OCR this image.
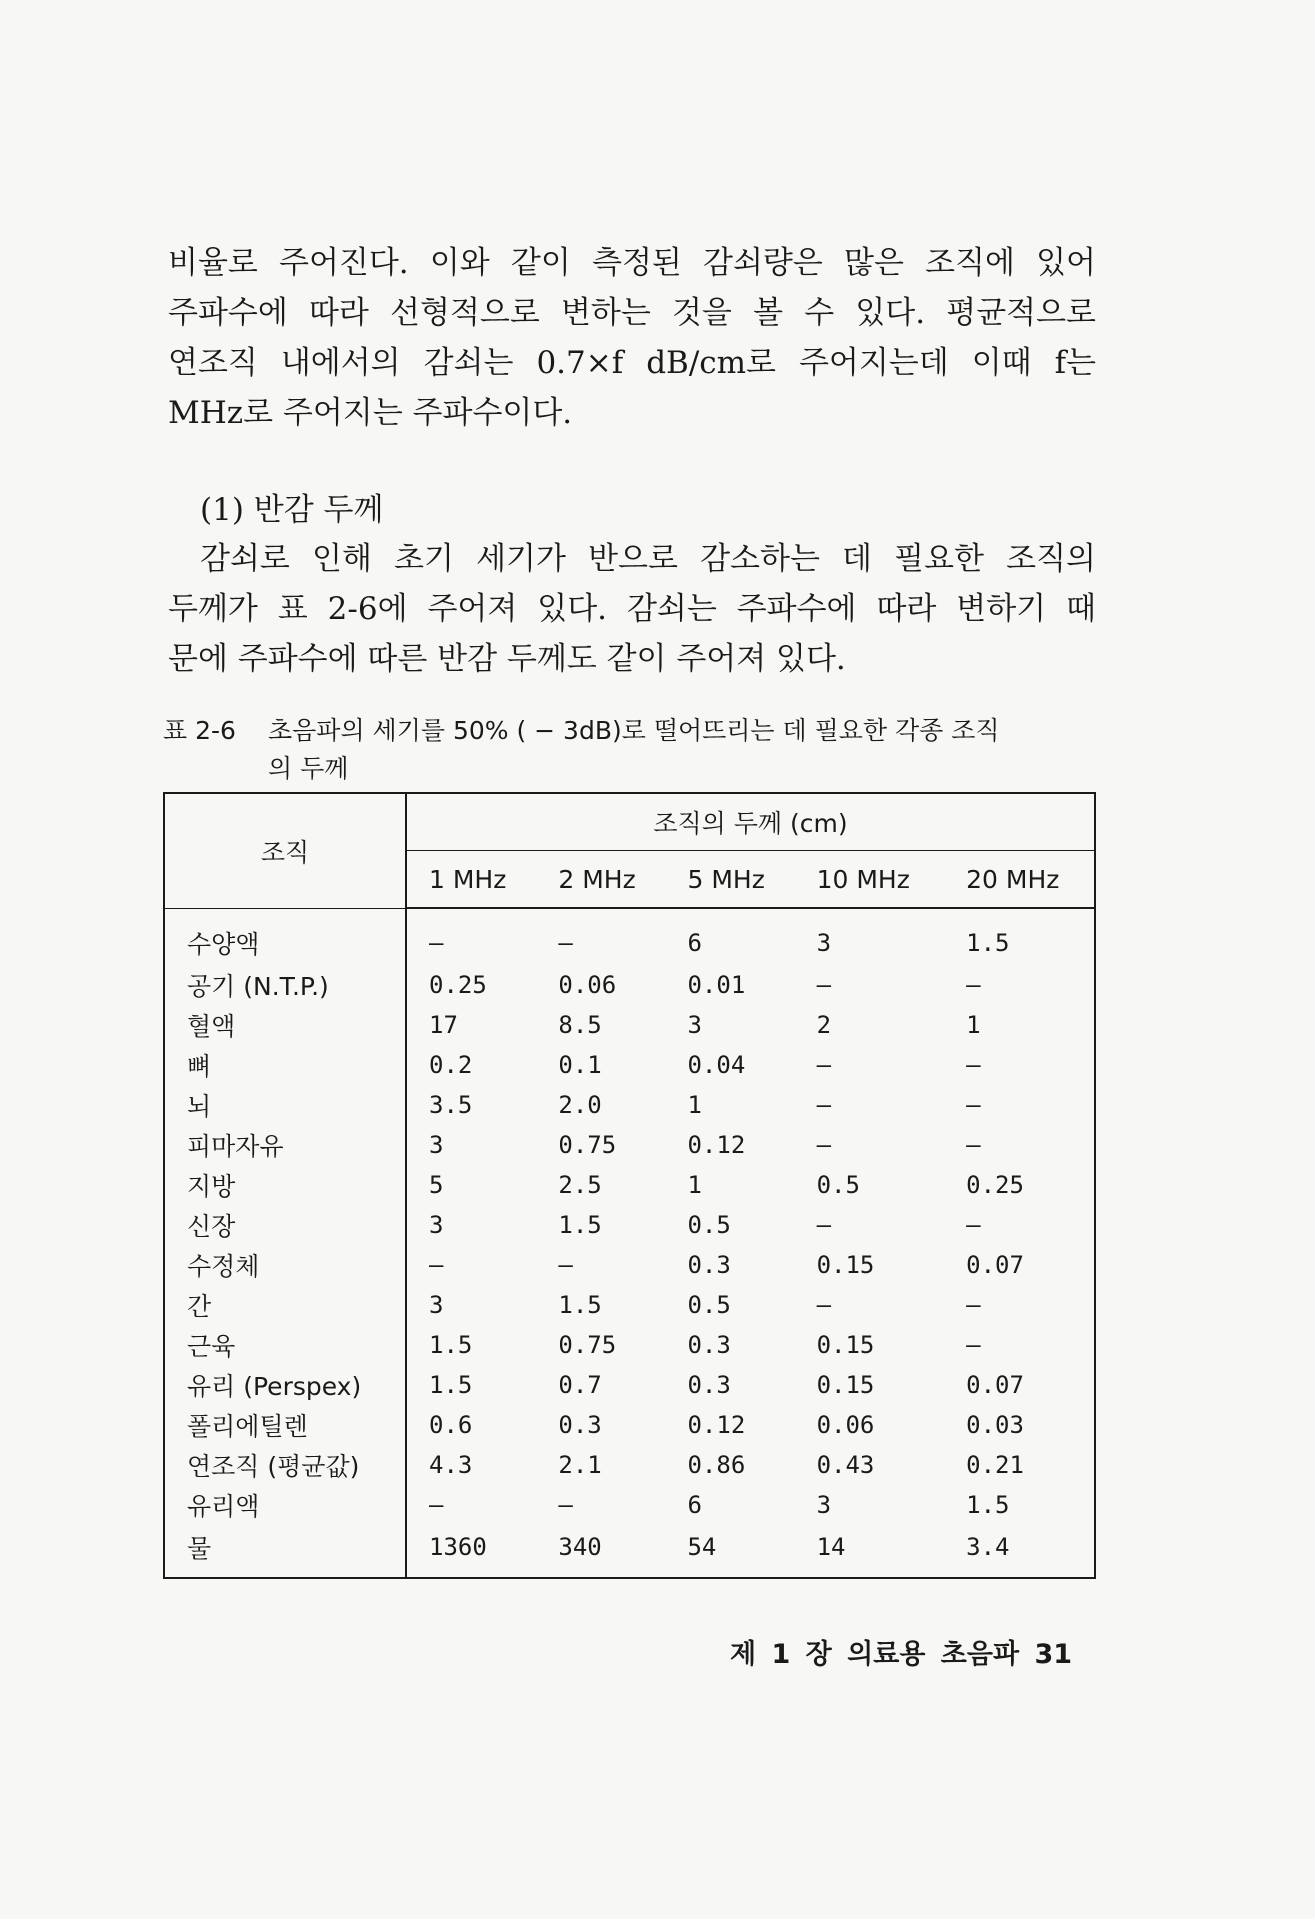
비율로 주어진다. 이와 같이 측정된 감쇠량은 많은 조직에 있어
주파수에 따라 선형적으로 변하는 것을 볼 수 있다. 평균적으로
연조직 내에서의 감쇠는 0.7×f dB/cm로 주어지는데 이때 f는
MHz로 주어지는 주파수이다.
(1) 반감 두께
감쇠로 인해 초기 세기가 반으로 감소하는 데 필요한 조직의
두께가 표 2-6에 주어져 있다. 감쇠는 주파수에 따라 변하기 때
문에 주파수에 따른 반감 두께도 같이 주어져 있다.
표 2-6 초음파의 세기를 50% ( − 3dB)로 떨어뜨리는 데 필요한 각종 조직
의 두께
조직	조직의 두께 (cm)				
	1 MHz	2 MHz	5 MHz	10 MHz	20 MHz
수양액	—	—	6	3	1.5
공기 (N.T.P.)	0.25	0.06	0.01	—	—
혈액	17	8.5	3	2	1
뼈	0.2	0.1	0.04	—	—
뇌	3.5	2.0	1	—	—
피마자유	3	0.75	0.12	—	—
지방	5	2.5	1	0.5	0.25
신장	3	1.5	0.5	—	—
수정체	—	—	0.3	0.15	0.07
간	3	1.5	0.5	—	—
근육	1.5	0.75	0.3	0.15	—
유리 (Perspex)	1.5	0.7	0.3	0.15	0.07
폴리에틸렌	0.6	0.3	0.12	0.06	0.03
연조직 (평균값)	4.3	2.1	0.86	0.43	0.21
유리액	—	—	6	3	1.5
물	1360	340	54	14	3.4
제 1 장 의료용 초음파 31
